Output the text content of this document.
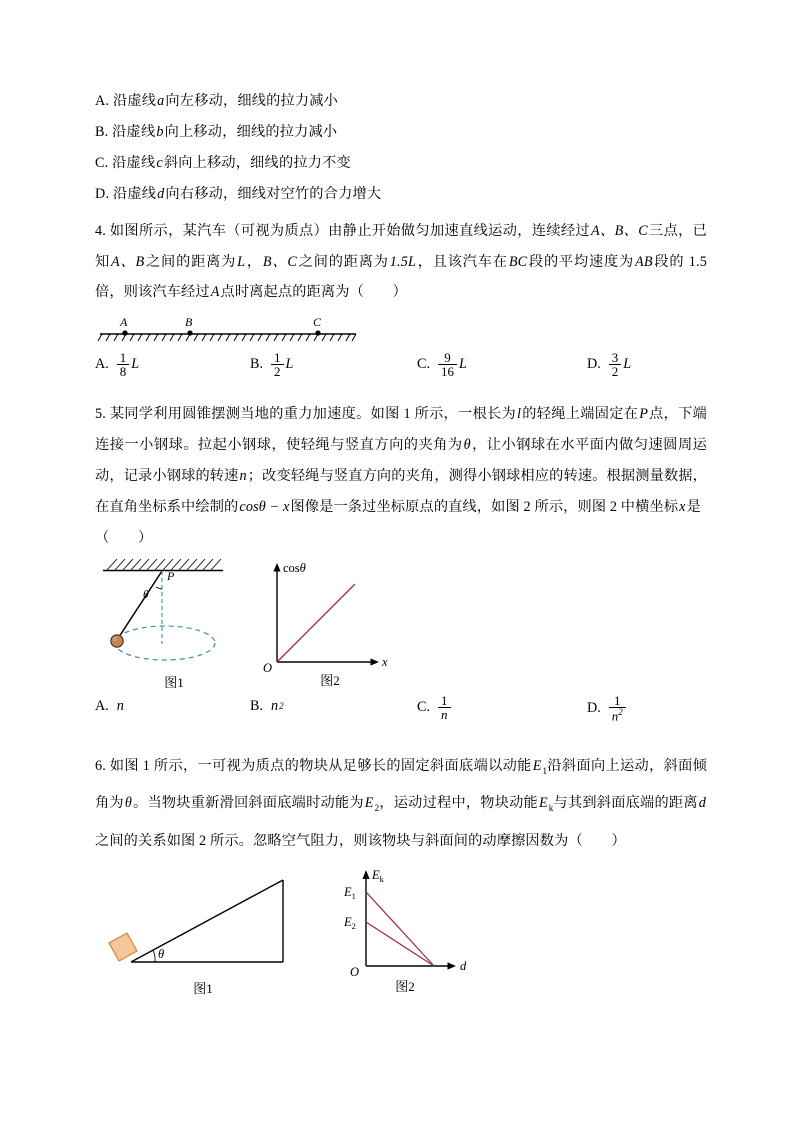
A. 沿虚线a向左移动，细线的拉力减小
B. 沿虚线b向上移动，细线的拉力减小
C. 沿虚线c斜向上移动，细线的拉力不变
D. 沿虚线d向右移动，细线对空竹的合力增大
4. 如图所示，某汽车（可视为质点）由静止开始做匀加速直线运动，连续经过A、B、C三点，已知A、B之间的距离为L，B、C之间的距离为1.5L，且该汽车在BC段的平均速度为AB段的 1.5 倍，则该汽车经过A点时离起点的距离为（　　）
A	B	C
A. $\frac{1}{8}$ L	B. $\frac{1}{2}$ L	C. $\frac{9}{16}$ L	D. $\frac{3}{2}$ L
5. 某同学利用圆锥摆测当地的重力加速度。如图 1 所示，一根长为l的轻绳上端固定在P点，下端连接一小钢球。拉起小钢球，使轻绳与竖直方向的夹角为θ，让小钢球在水平面内做匀速圆周运动，记录小钢球的转速n；改变轻绳与竖直方向的夹角，测得小钢球相应的转速。根据测量数据，在直角坐标系中绘制的cosθ − x图像是一条过坐标原点的直线，如图 2 所示，则图 2 中横坐标x是
（　　）
θ
P
图1
cosθ
x
O
图2
A. n	B. n 2	C. $\frac{1}{n}$	D. $\frac{1}{n^2}$
6. 如图 1 所示，一可视为质点的物块从足够长的固定斜面底端以动能$E_1$沿斜面向上运动，斜面倾角为θ。当物块重新滑回斜面底端时动能为$E_2$，运动过程中，物块动能$E_k$与其到斜面底端的距离d之间的关系如图 2 所示。忽略空气阻力，则该物块与斜面间的动摩擦因数为（　　）
θ
图1
$E_k$
$E_1$
$E_2$
d
O
图2
